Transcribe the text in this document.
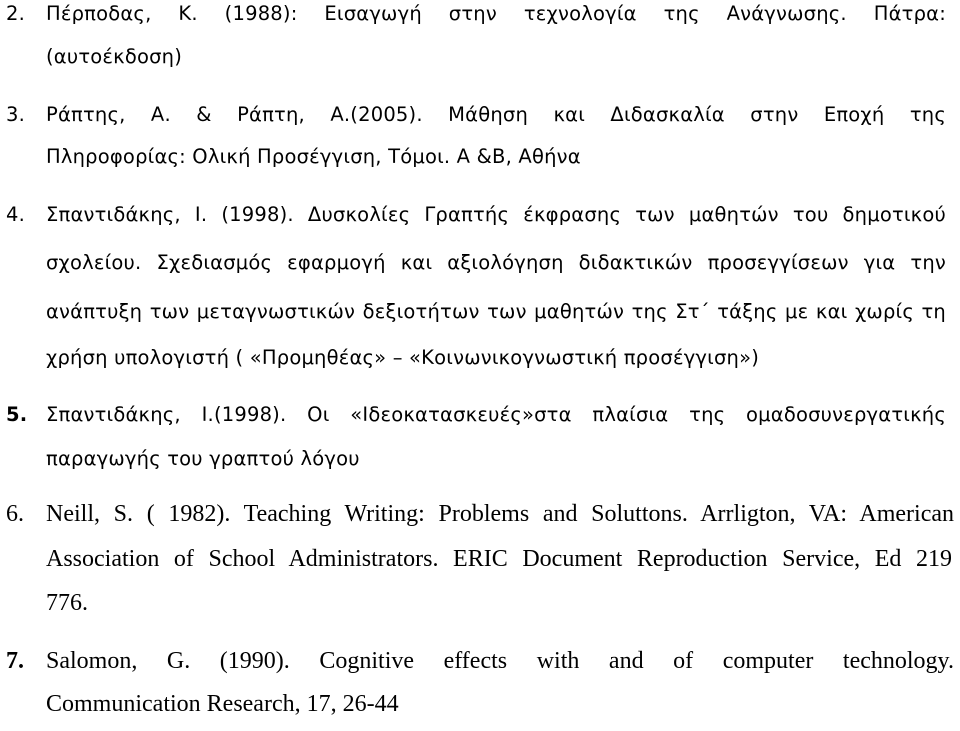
2. Πέρποδας, Κ. (1988): Εισαγωγή στην τεχνολογία της Ανάγνωσης. Πάτρα:
(αυτοέκδοση)
3. Ράπτης, Α. & Ράπτη, Α.(2005). Μάθηση και Διδασκαλία στην Εποχή της
Πληροφορίας: Ολική Προσέγγιση, Τόμοι. Α &Β, Αθήνα
4. Σπαντιδάκης, Ι. (1998). Δυσκολίες Γραπτής έκφρασης των μαθητών του δημοτικού
σχολείου. Σχεδιασμός εφαρμογή και αξιολόγηση διδακτικών προσεγγίσεων για την
ανάπτυξη των μεταγνωστικών δεξιοτήτων των μαθητών της Στ΄ τάξης με και χωρίς τη
χρήση υπολογιστή ( «Προμηθέας» – «Κοινωνικογνωστική προσέγγιση»)
5. Σπαντιδάκης, Ι.(1998). Οι «Ιδεοκατασκευές»στα πλαίσια της ομαδοσυνεργατικής
παραγωγής του γραπτού λόγου
6. Neill, S. ( 1982). Teaching Writing: Problems and Soluttons. Arrligton, VA: American
Association of School Administrators. ERIC Document Reproduction Service, Ed 219
776.
7. Salomon, G. (1990). Cognitive effects with and of computer technology.
Communication Research, 17, 26-44
